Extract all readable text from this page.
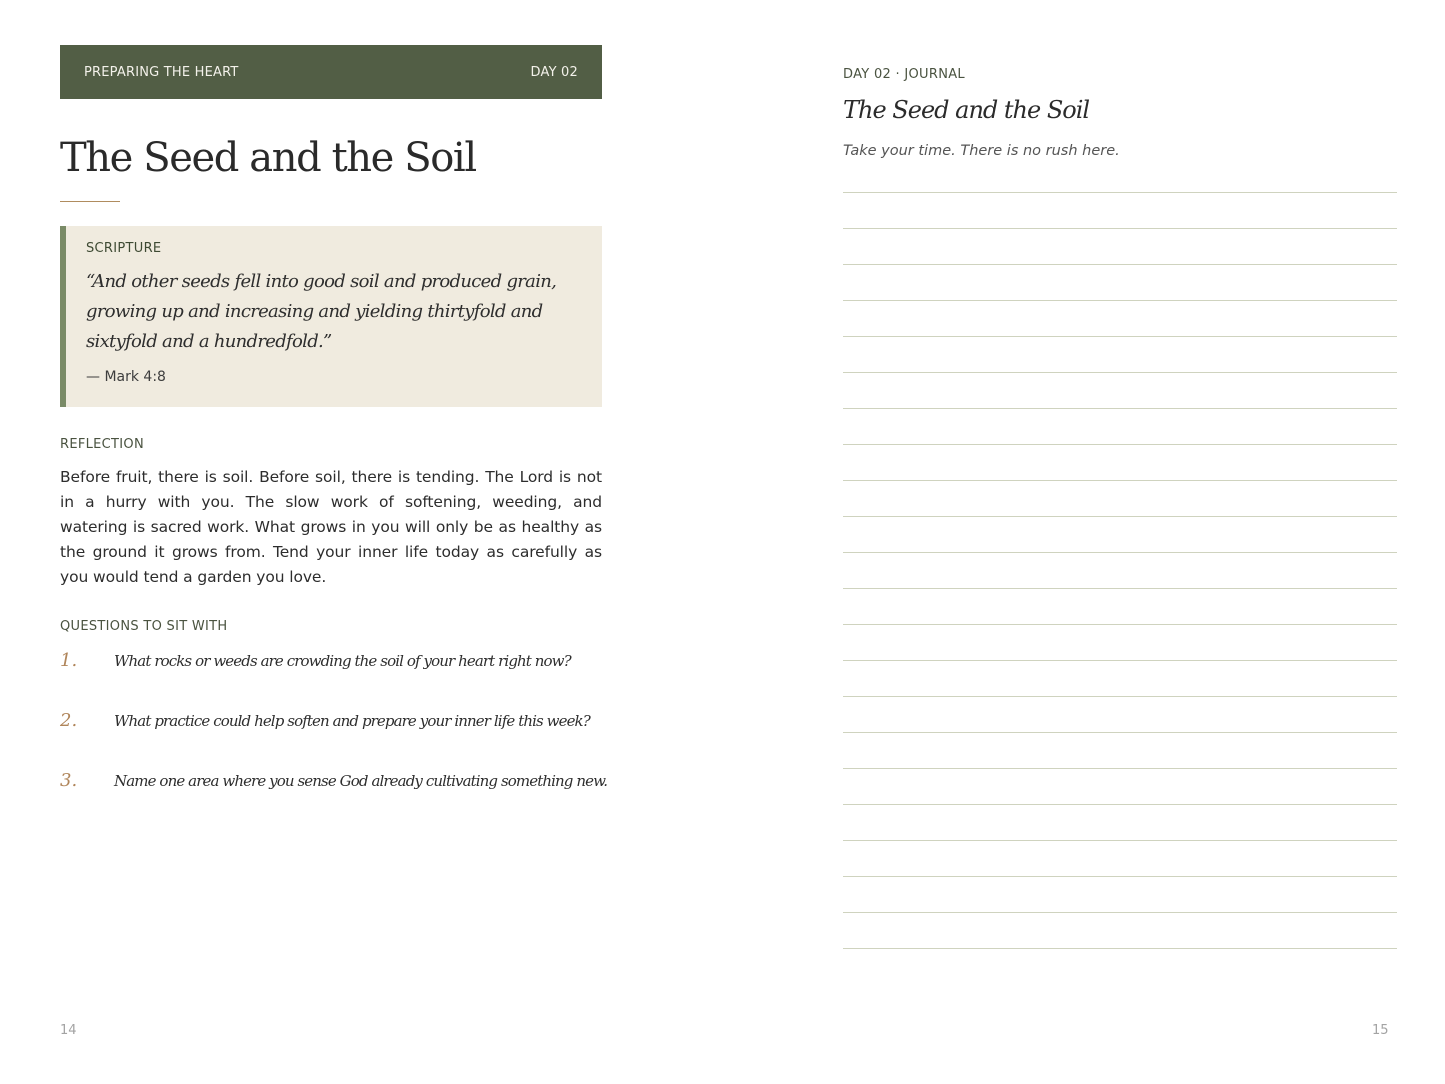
PREPARING THE HEART	DAY 02
The Seed and the Soil
SCRIPTURE
“And other seeds fell into good soil and produced grain, growing up and increasing and yielding thirtyfold and sixtyfold and a hundredfold.”
— Mark 4:8
REFLECTION

Before fruit, there is soil. Before soil, there is tending. The Lord is not in a hurry with you. The slow work of softening, weeding, and watering is sacred work. What grows in you will only be as healthy as the ground it grows from. Tend your inner life today as carefully as you would tend a garden you love.

QUESTIONS TO SIT WITH
1. What rocks or weeds are crowding the soil of your heart right now?
2. What practice could help soften and prepare your inner life this week?
3. Name one area where you sense God already cultivating something new.
14
DAY 02 · JOURNAL
The Seed and the Soil
Take your time. There is no rush here.
15
